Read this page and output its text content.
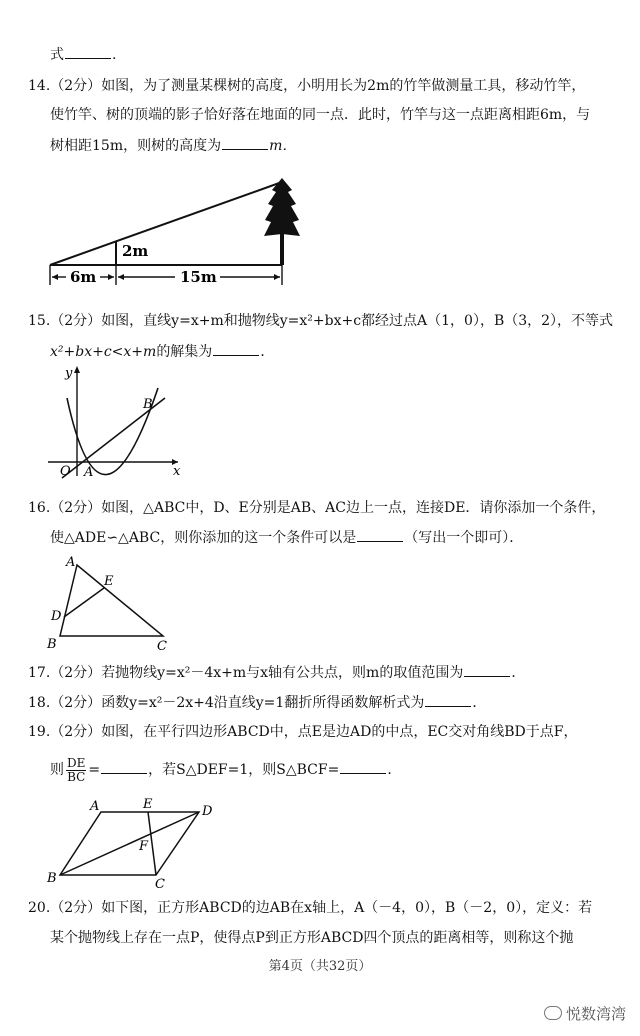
式	.
14.（2分）如图，为了测量某棵树的高度，小明用长为2m的竹竿做测量工具，移动竹竿，
使竹竿、树的顶端的影子恰好落在地面的同一点．此时，竹竿与这一点距离相距6m，与
树相距15m，则树的高度为	m．
2m
6m	15m
15.（2分）如图，直线y=x+m和抛物线y=x²+bx+c都经过点A（1，0），B（3，2），不等式
x²+bx+c<x+m的解集为	．
y
x
O A
B
16.（2分）如图，△ABC中，D、E分别是AB、AC边上一点，连接DE．请你添加一个条件，
使△ADE∽△ABC，则你添加的这一个条件可以是	（写出一个即可）．
A
E
D
B	C
17.（2分）若抛物线y=x²－4x+m与x轴有公共点，则m的取值范围为	．
18.（2分）函数y=x²－2x+4沿直线y=1翻折所得函数解析式为	．
19.（2分）如图，在平行四边形ABCD中，点E是边AD的中点，EC交对角线BD于点F，
则 $\frac{DE}{BC}$ =	，若S△DEF=1，则S△BCF=	．
A	E	D
F
B	C
20.（2分）如下图，正方形ABCD的边AB在x轴上，A（－4，0），B（－2，0），定义：若
某个抛物线上存在一点P，使得点P到正方形ABCD四个顶点的距离相等，则称这个抛
第4页（共32页）
悦数湾湾
